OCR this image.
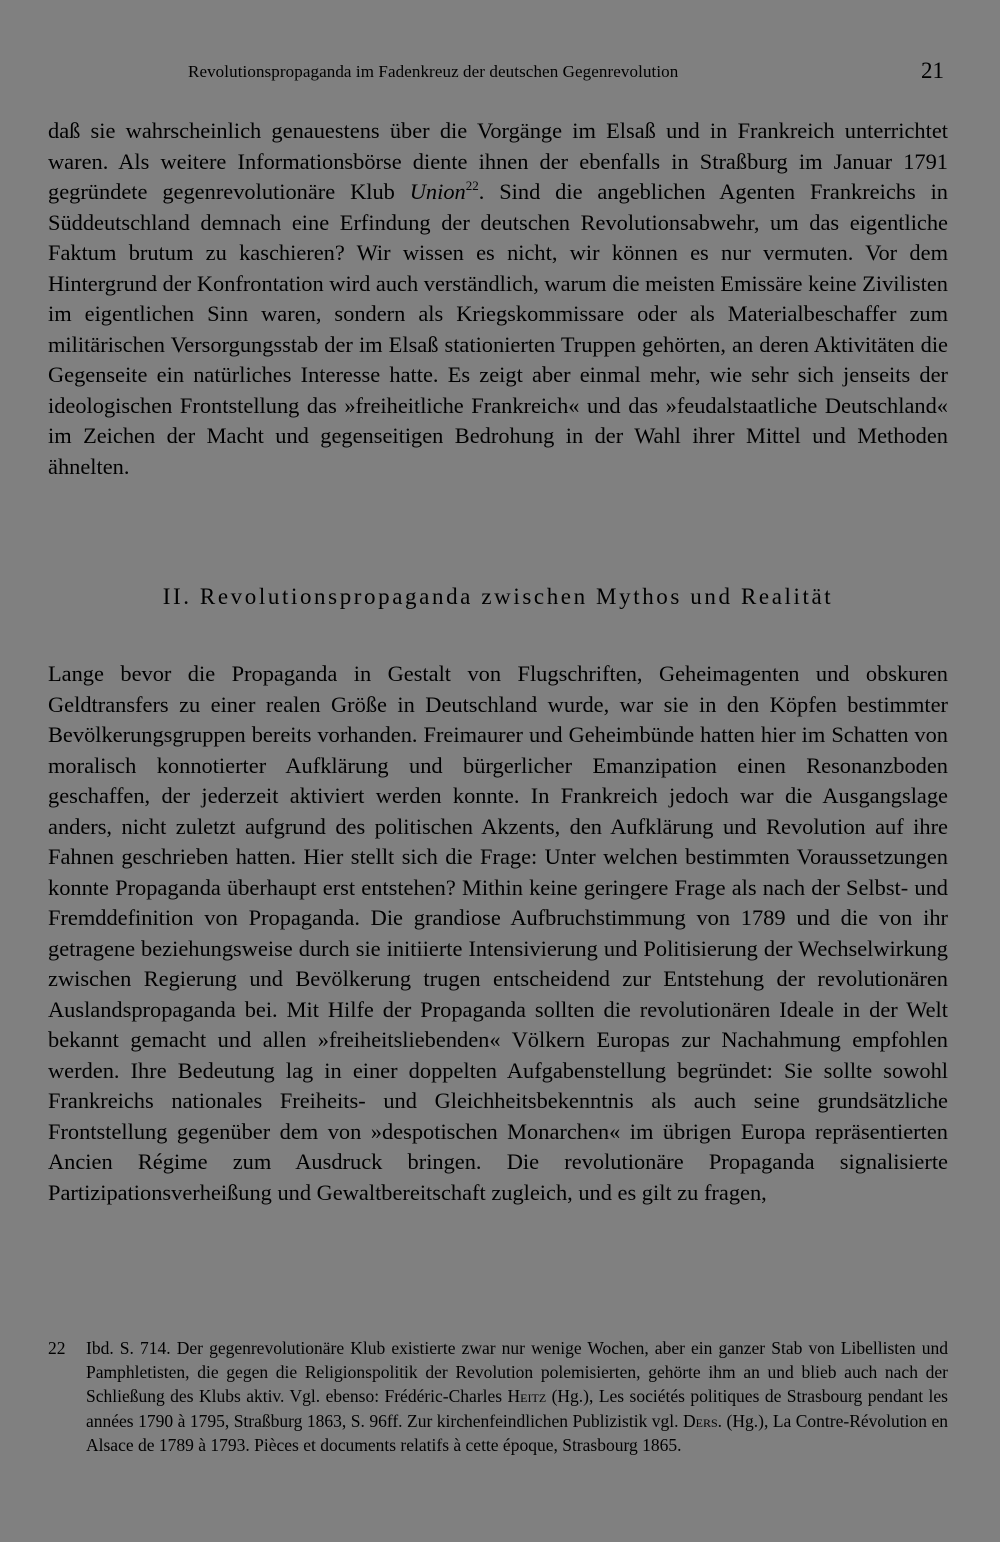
Revolutionspropaganda im Fadenkreuz der deutschen Gegenrevolution	21

daß sie wahrscheinlich genauestens über die Vorgänge im Elsaß und in Frankreich unterrichtet waren. Als weitere Informationsbörse diente ihnen der ebenfalls in Straßburg im Januar 1791 gegründete gegenrevolutionäre Klub Union$^{22}$. Sind die angeblichen Agenten Frankreichs in Süddeutschland demnach eine Erfindung der deutschen Revolutionsabwehr, um das eigentliche Faktum brutum zu kaschieren? Wir wissen es nicht, wir können es nur vermuten. Vor dem Hintergrund der Konfrontation wird auch verständlich, warum die meisten Emissäre keine Zivilisten im eigentlichen Sinn waren, sondern als Kriegskommissare oder als Materialbeschaffer zum militärischen Versorgungsstab der im Elsaß stationierten Truppen gehörten, an deren Aktivitäten die Gegenseite ein natürliches Interesse hatte. Es zeigt aber einmal mehr, wie sehr sich jenseits der ideologischen Frontstellung das »freiheitliche Frankreich« und das »feudalstaatliche Deutschland« im Zeichen der Macht und gegenseitigen Bedrohung in der Wahl ihrer Mittel und Methoden ähnelten.

II. Revolutionspropaganda zwischen Mythos und Realität

Lange bevor die Propaganda in Gestalt von Flugschriften, Geheimagenten und obskuren Geldtransfers zu einer realen Größe in Deutschland wurde, war sie in den Köpfen bestimmter Bevölkerungsgruppen bereits vorhanden. Freimaurer und Geheimbünde hatten hier im Schatten von moralisch konnotierter Aufklärung und bürgerlicher Emanzipation einen Resonanzboden geschaffen, der jederzeit aktiviert werden konnte. In Frankreich jedoch war die Ausgangslage anders, nicht zuletzt aufgrund des politischen Akzents, den Aufklärung und Revolution auf ihre Fahnen geschrieben hatten. Hier stellt sich die Frage: Unter welchen bestimmten Voraussetzungen konnte Propaganda überhaupt erst entstehen? Mithin keine geringere Frage als nach der Selbst- und Fremddefinition von Propaganda. Die grandiose Aufbruchstimmung von 1789 und die von ihr getragene beziehungsweise durch sie initiierte Intensivierung und Politisierung der Wechselwirkung zwischen Regierung und Bevölkerung trugen entscheidend zur Entstehung der revolutionären Auslandspropaganda bei. Mit Hilfe der Propaganda sollten die revolutionären Ideale in der Welt bekannt gemacht und allen »freiheitsliebenden« Völkern Europas zur Nachahmung empfohlen werden. Ihre Bedeutung lag in einer doppelten Aufgabenstellung begründet: Sie sollte sowohl Frankreichs nationales Freiheits- und Gleichheitsbekenntnis als auch seine grundsätzliche Frontstellung gegenüber dem von »despotischen Monarchen« im übrigen Europa repräsentierten Ancien Régime zum Ausdruck bringen. Die revolutionäre Propaganda signalisierte Partizipationsverheißung und Gewaltbereitschaft zugleich, und es gilt zu fragen,

22 Ibd. S. 714. Der gegenrevolutionäre Klub existierte zwar nur wenige Wochen, aber ein ganzer Stab von Libellisten und Pamphletisten, die gegen die Religionspolitik der Revolution polemisierten, gehörte ihm an und blieb auch nach der Schließung des Klubs aktiv. Vgl. ebenso: Frédéric-Charles Heitz (Hg.), Les sociétés politiques de Strasbourg pendant les années 1790 à 1795, Straßburg 1863, S. 96ff. Zur kirchenfeindlichen Publizistik vgl. Ders. (Hg.), La Contre-Révolution en Alsace de 1789 à 1793. Pièces et documents relatifs à cette époque, Strasbourg 1865.
